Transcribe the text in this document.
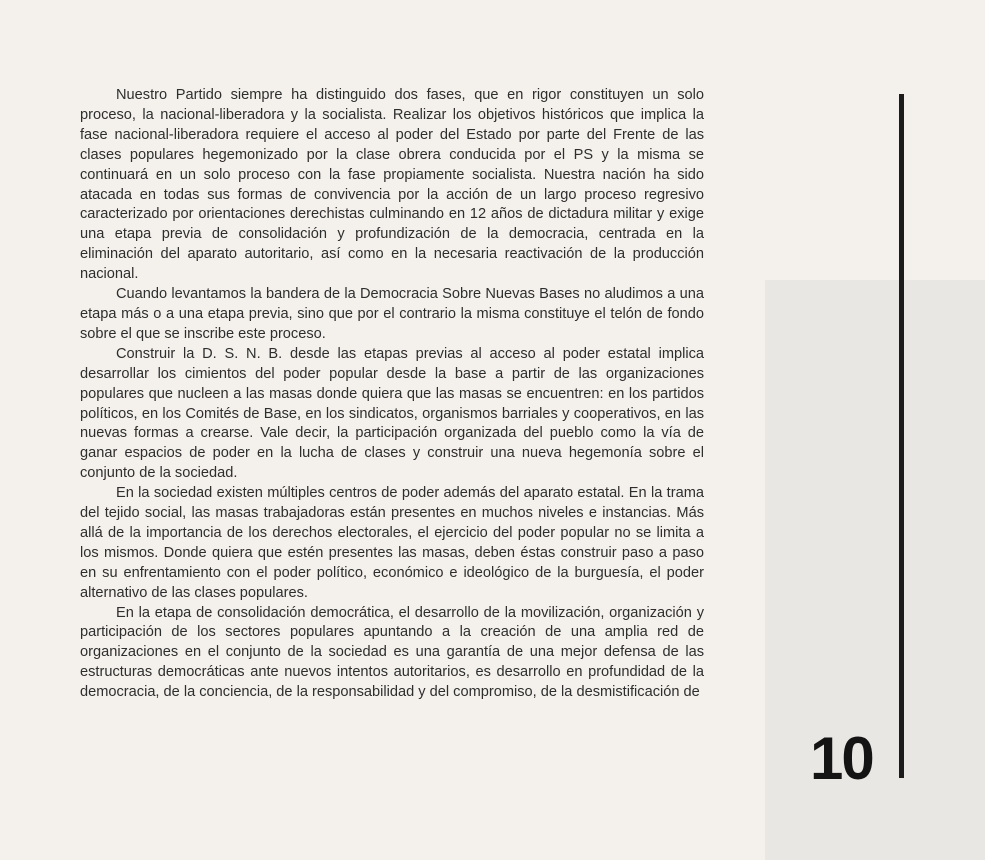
Nuestro Partido siempre ha distinguido dos fases, que en rigor constituyen un solo proceso, la nacional-liberadora y la socialista. Realizar los objetivos históricos que implica la fase nacional-liberadora requiere el acceso al poder del Estado por parte del Frente de las clases populares hegemonizado por la clase obrera conducida por el PS y la misma se continuará en un solo proceso con la fase propiamente socialista. Nuestra nación ha sido atacada en todas sus formas de convivencia por la acción de un largo proceso regresivo caracterizado por orientaciones derechistas culminando en 12 años de dictadura militar y exige una etapa previa de consolidación y profundización de la democracia, centrada en la eliminación del aparato autoritario, así como en la necesaria reactivación de la producción nacional.

Cuando levantamos la bandera de la Democracia Sobre Nuevas Bases no aludimos a una etapa más o a una etapa previa, sino que por el contrario la misma constituye el telón de fondo sobre el que se inscribe este proceso.

Construir la D. S. N. B. desde las etapas previas al acceso al poder estatal implica desarrollar los cimientos del poder popular desde la base a partir de las organizaciones populares que nucleen a las masas donde quiera que las masas se encuentren: en los partidos políticos, en los Comités de Base, en los sindicatos, organismos barriales y cooperativos, en las nuevas formas a crearse. Vale decir, la participación organizada del pueblo como la vía de ganar espacios de poder en la lucha de clases y construir una nueva hegemonía sobre el conjunto de la sociedad.

En la sociedad existen múltiples centros de poder además del aparato estatal. En la trama del tejido social, las masas trabajadoras están presentes en muchos niveles e instancias. Más allá de la importancia de los derechos electorales, el ejercicio del poder popular no se limita a los mismos. Donde quiera que estén presentes las masas, deben éstas construir paso a paso en su enfrentamiento con el poder político, económico e ideológico de la burguesía, el poder alternativo de las clases populares.

En la etapa de consolidación democrática, el desarrollo de la movilización, organización y participación de los sectores populares apuntando a la creación de una amplia red de organizaciones en el conjunto de la sociedad es una garantía de una mejor defensa de las estructuras democráticas ante nuevos intentos autoritarios, es desarrollo en profundidad de la democracia, de la conciencia, de la responsabilidad y del compromiso, de la desmistificación de

10
